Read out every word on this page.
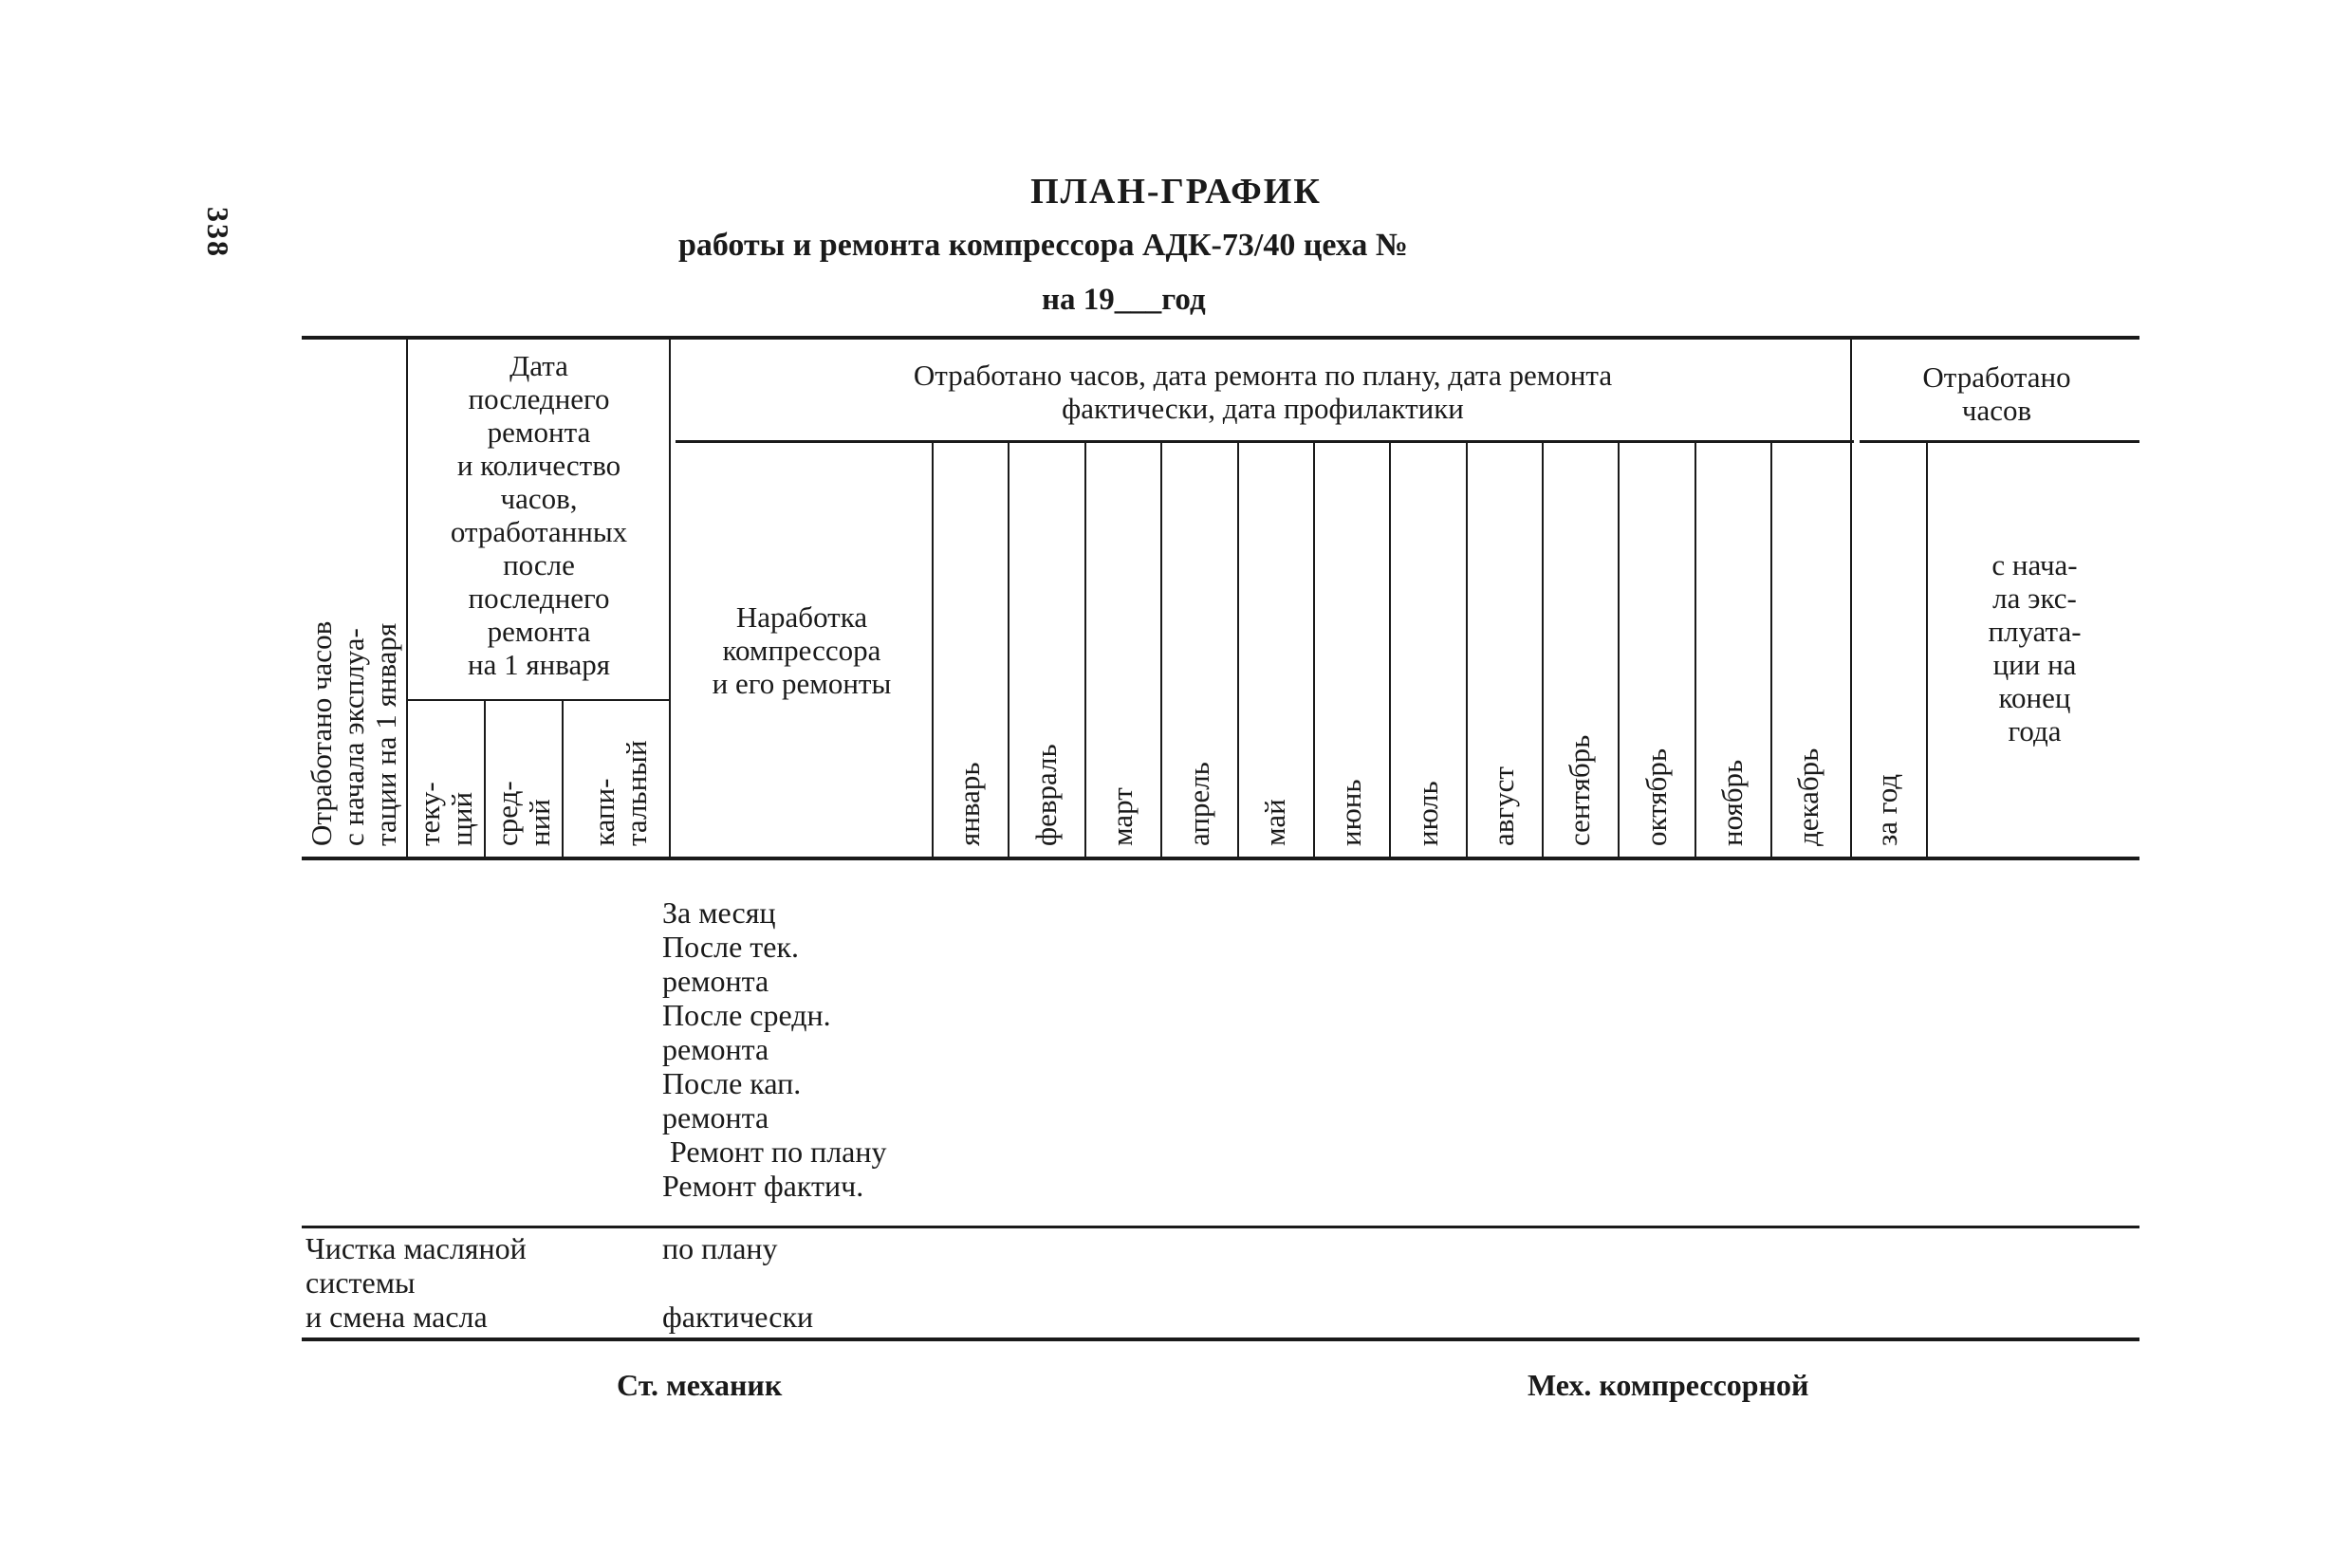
338
ПЛАН-ГРАФИК
работы и ремонта компрессора АДК-73/40 цеха №
на 19___год
Отработано часов с начала эксплуа- тации на 1 января
Дата
последнего
ремонта
и количество
часов,
отработанных
после
последнего
ремонта
на 1 января
теку- щий сред- ний капи- тальный
Отработано часов, дата ремонта по плану, дата ремонта
фактически, дата профилактики
Наработка
компрессора
и его ремонты
январь февраль март апрель май июнь июль август сентябрь октябрь ноябрь декабрь
Отработано
часов
за год
с нача-
ла экс-
плуата-
ции на
конец
года
За месяц
После тек.
ремонта
После средн.
ремонта
После кап.
ремонта
Ремонт по плану
Ремонт фактич.
Чистка масляной
системы
и смена масла
по плану
фактически
Ст. механик	Мех. компрессорной
